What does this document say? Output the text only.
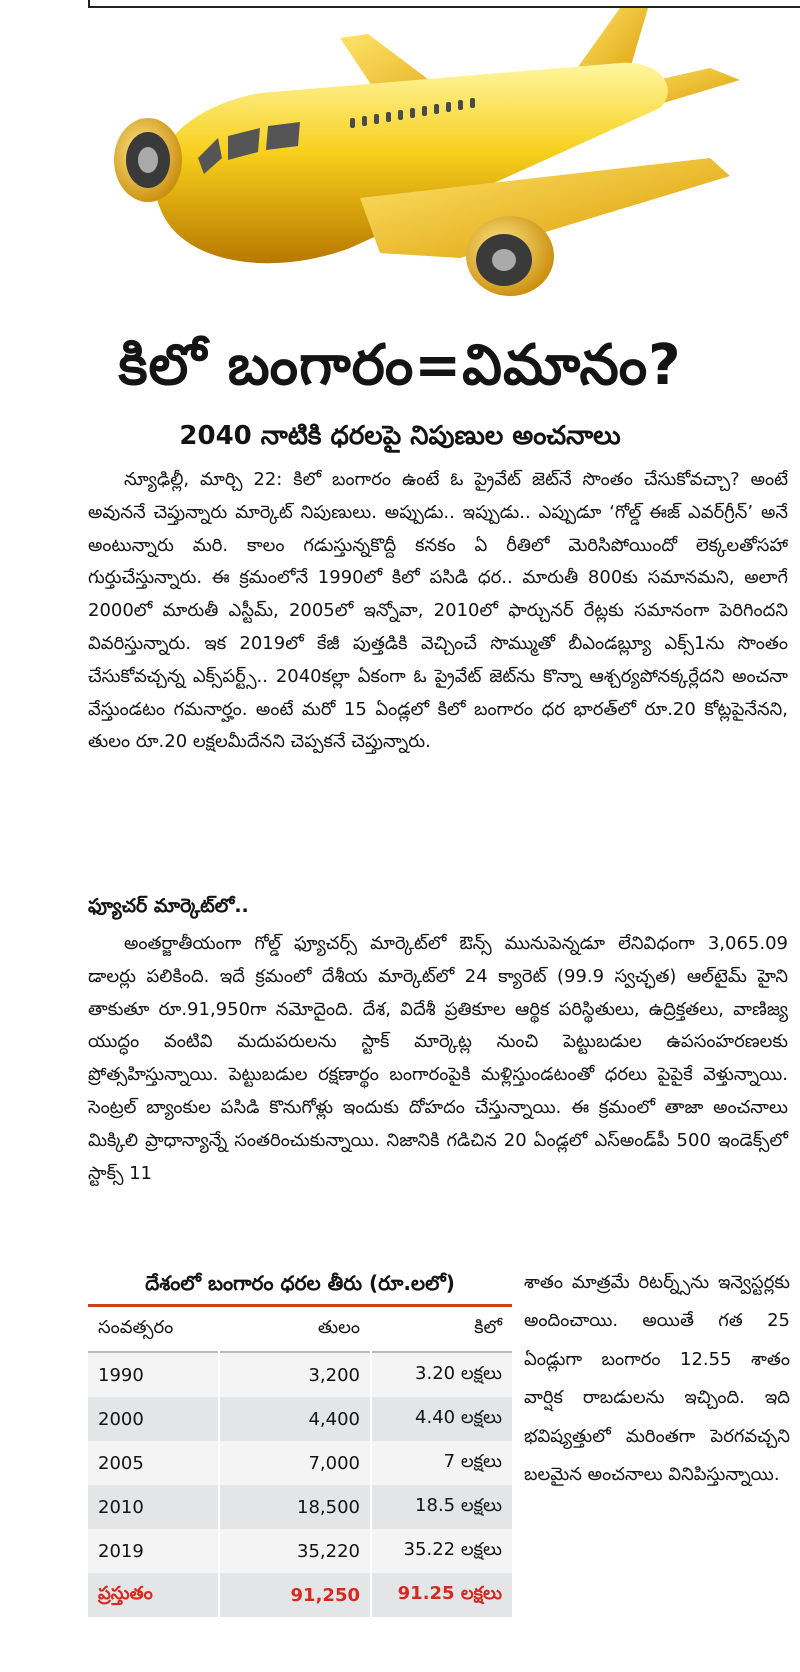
కిలో బంగారం=విమానం?
2040 నాటికి ధరలపై నిపుణుల అంచనాలు

న్యూఢిల్లీ, మార్చి 22: కిలో బంగారం ఉంటే ఓ ప్రైవేట్ జెట్‌నే సొంతం చేసుకోవచ్చా? అంటే అవుననే చెప్తున్నారు మార్కెట్ నిపుణులు. అప్పుడు.. ఇప్పుడు.. ఎప్పుడూ ‘గోల్డ్ ఈజ్ ఎవర్‌గ్రీన్’ అనే అంటున్నారు మరి. కాలం గడుస్తున్నకొద్దీ కనకం ఏ రీతిలో మెరిసిపోయిందో లెక్కలతోసహా గుర్తుచేస్తున్నారు. ఈ క్రమంలోనే 1990లో కిలో పసిడి ధర.. మారుతీ 800కు సమానమని, అలాగే 2000లో మారుతీ ఎస్టీమ్, 2005లో ఇన్నోవా, 2010లో ఫార్చునర్ రేట్లకు సమానంగా పెరిగిందని వివరిస్తున్నారు. ఇక 2019లో కేజీ పుత్తడికి వెచ్చించే సొమ్ముతో బీఎండబ్ల్యూ ఎక్స్1ను సొంతం చేసుకోవచ్చన్న ఎక్స్‌పర్ట్స్.. 2040కల్లా ఏకంగా ఓ ప్రైవేట్ జెట్‌ను కొన్నా ఆశ్చర్యపోనక్కర్లేదని అంచనా వేస్తుండటం గమనార్హం. అంటే మరో 15 ఏండ్లలో కిలో బంగారం ధర భారత్‌లో రూ.20 కోట్లపైనేనని, తులం రూ.20 లక్షలమీదేనని చెప్పకనే చెప్తున్నారు.

ఫ్యూచర్ మార్కెట్‌లో..

అంతర్జాతీయంగా గోల్డ్ ఫ్యూచర్స్ మార్కెట్‌లో ఔన్స్ మునుపెన్నడూ లేనివిధంగా 3,065.09 డాలర్లు పలికింది. ఇదే క్రమంలో దేశీయ మార్కెట్‌లో 24 క్యారెట్ (99.9 స్వచ్ఛత) ఆల్‌టైమ్ హైని తాకుతూ రూ.91,950గా నమోదైంది. దేశ, విదేశీ ప్రతికూల ఆర్థిక పరిస్థితులు, ఉద్రిక్తతలు, వాణిజ్య యుద్ధం వంటివి మదుపరులను స్టాక్ మార్కెట్ల నుంచి పెట్టుబడుల ఉపసంహరణలకు ప్రోత్సహిస్తున్నాయి. పెట్టుబడుల రక్షణార్థం బంగారంపైకి మళ్లిస్తుండటంతో ధరలు పైపైకే వెళ్తున్నాయి. సెంట్రల్ బ్యాంకుల పసిడి కొనుగోళ్లు ఇందుకు దోహదం చేస్తున్నాయి. ఈ క్రమంలో తాజా అంచనాలు మిక్కిలి ప్రాధాన్యాన్నే సంతరించుకున్నాయి. నిజానికి గడిచిన 20 ఏండ్లలో ఎస్అండ్‌పీ 500 ఇండెక్స్‌లో స్టాక్స్ 11

దేశంలో బంగారం ధరల తీరు (రూ.లలో)
సంవత్సరం	తులం	కిలో
1990	3,200	3.20 లక్షలు
2000	4,400	4.40 లక్షలు
2005	7,000	7 లక్షలు
2010	18,500	18.5 లక్షలు
2019	35,220	35.22 లక్షలు
ప్రస్తుతం	91,250	91.25 లక్షలు

శాతం మాత్రమే రిటర్న్స్‌ను ఇన్వెస్టర్లకు అందించాయి. అయితే గత 25 ఏండ్లుగా బంగారం 12.55 శాతం వార్షిక రాబడులను ఇచ్చింది. ఇది భవిష్యత్తులో మరింతగా పెరగవచ్చని బలమైన అంచనాలు వినిపిస్తున్నాయి.
